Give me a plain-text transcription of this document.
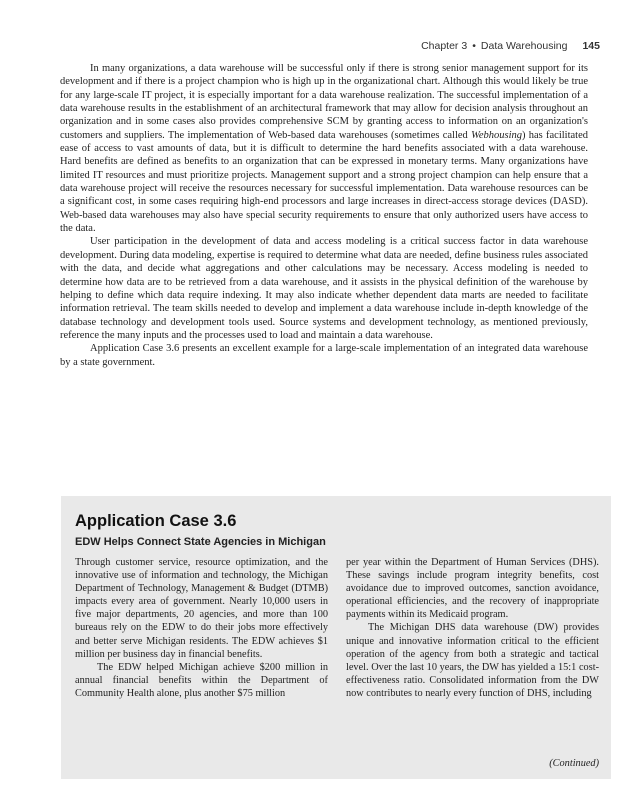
Chapter 3 • Data Warehousing 145

In many organizations, a data warehouse will be successful only if there is strong senior management support for its development and if there is a project champion who is high up in the organizational chart. Although this would likely be true for any large-scale IT project, it is especially important for a data warehouse realization. The successful implementation of a data warehouse results in the establishment of an architectural framework that may allow for decision analysis throughout an organization and in some cases also provides comprehensive SCM by granting access to information on an organization's customers and suppliers. The implementation of Web-based data warehouses (sometimes called Webhousing) has facilitated ease of access to vast amounts of data, but it is difficult to determine the hard benefits associated with a data warehouse. Hard benefits are defined as benefits to an organization that can be expressed in monetary terms. Many organizations have limited IT resources and must prioritize projects. Management support and a strong project champion can help ensure that a data warehouse project will receive the resources necessary for successful implementation. Data warehouse resources can be a significant cost, in some cases requiring high-end processors and large increases in direct-access storage devices (DASD). Web-based data warehouses may also have special security requirements to ensure that only authorized users have access to the data.

User participation in the development of data and access modeling is a critical success factor in data warehouse development. During data modeling, expertise is required to determine what data are needed, define business rules associated with the data, and decide what aggregations and other calculations may be necessary. Access modeling is needed to determine how data are to be retrieved from a data warehouse, and it assists in the physical definition of the warehouse by helping to define which data require indexing. It may also indicate whether dependent data marts are needed to facilitate information retrieval. The team skills needed to develop and implement a data warehouse include in-depth knowledge of the database technology and development tools used. Source systems and development technology, as mentioned previously, reference the many inputs and the processes used to load and maintain a data warehouse.

Application Case 3.6 presents an excellent example for a large-scale implementation of an integrated data warehouse by a state government.

Application Case 3.6
EDW Helps Connect State Agencies in Michigan

Through customer service, resource optimization, and the innovative use of information and technology, the Michigan Department of Technology, Management & Budget (DTMB) impacts every area of government. Nearly 10,000 users in five major departments, 20 agencies, and more than 100 bureaus rely on the EDW to do their jobs more effectively and better serve Michigan residents. The EDW achieves $1 million per business day in financial benefits.

The EDW helped Michigan achieve $200 million in annual financial benefits within the Department of Community Health alone, plus another $75 million

per year within the Department of Human Services (DHS). These savings include program integrity benefits, cost avoidance due to improved outcomes, sanction avoidance, operational efficiencies, and the recovery of inappropriate payments within its Medicaid program.

The Michigan DHS data warehouse (DW) provides unique and innovative information critical to the efficient operation of the agency from both a strategic and tactical level. Over the last 10 years, the DW has yielded a 15:1 cost-effectiveness ratio. Consolidated information from the DW now contributes to nearly every function of DHS, including

(Continued)
